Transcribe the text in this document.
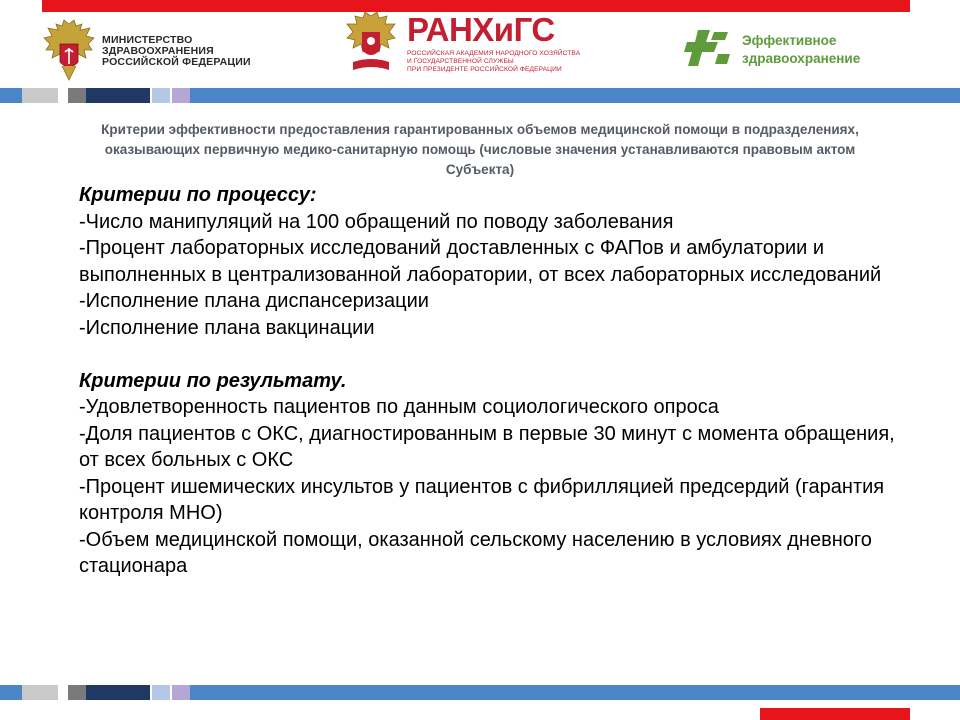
МИНИСТЕРСТВО
ЗДРАВООХРАНЕНИЯ
РОССИЙСКОЙ ФЕДЕРАЦИИ
РАНХиГС
РОССИЙСКАЯ АКАДЕМИЯ НАРОДНОГО ХОЗЯЙСТВА
И ГОСУДАРСТВЕННОЙ СЛУЖБЫ
ПРИ ПРЕЗИДЕНТЕ РОССИЙСКОЙ ФЕДЕРАЦИИ
Эффективное
здравоохранение
Критерии эффективности предоставления гарантированных объемов медицинской помощи в подразделениях, оказывающих первичную медико-санитарную помощь (числовые значения устанавливаются правовым актом Субъекта)
Критерии по процессу:
-Число манипуляций на 100 обращений по поводу заболевания
-Процент лабораторных исследований доставленных с ФАПов и амбулатории и выполненных в централизованной лаборатории, от всех лабораторных исследований
-Исполнение плана диспансеризации
-Исполнение плана вакцинации
Критерии по результату.
-Удовлетворенность пациентов по данным социологического опроса
-Доля пациентов с ОКС, диагностированным в первые 30 минут с момента обращения, от всех больных с ОКС
-Процент ишемических инсультов у пациентов с фибрилляцией предсердий (гарантия контроля МНО)
-Объем медицинской помощи, оказанной сельскому населению в условиях дневного стационара
